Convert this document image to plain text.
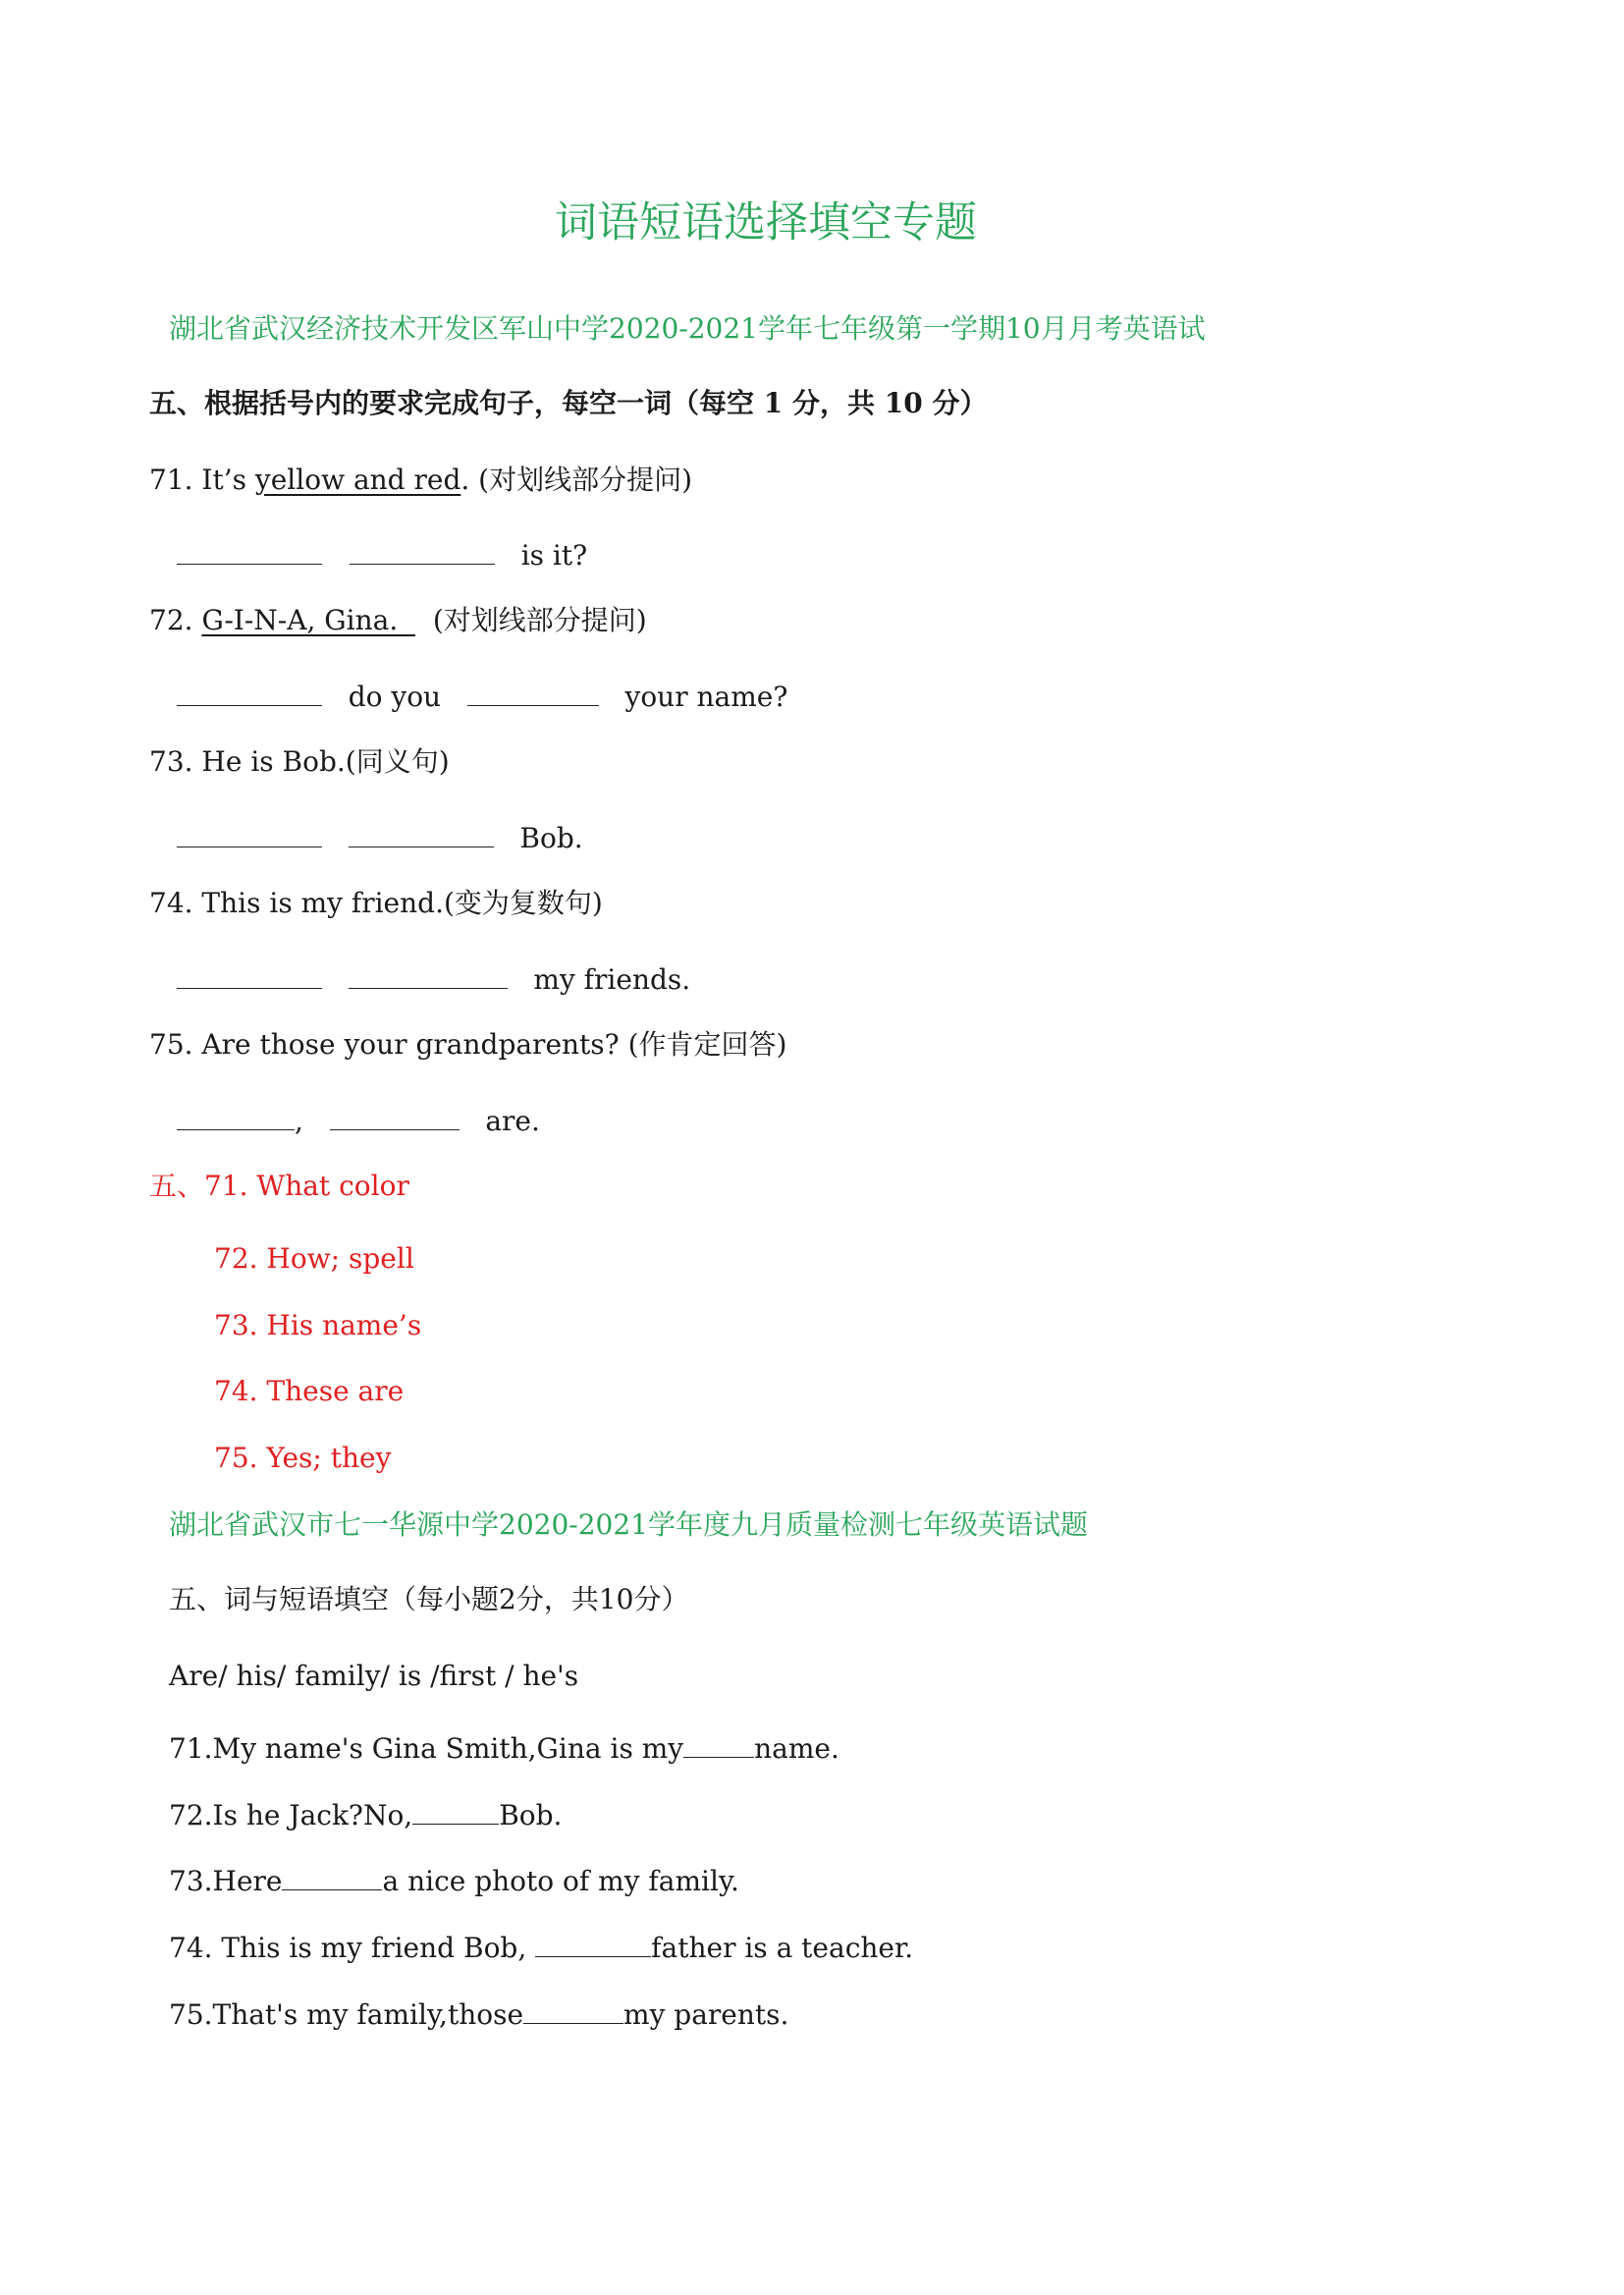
词语短语选择填空专题
湖北省武汉经济技术开发区军山中学2020-2021学年七年级第一学期10月月考英语试
五、根据括号内的要求完成句子，每空一词（每空 1 分，共 10 分）
71. It’s yellow and red. (对划线部分提问)
is it?
72. G-I-N-A, Gina.    (对划线部分提问)
do you	your name?
73. He is Bob.(同义句)
Bob.
74. This is my friend.(变为复数句)
my friends.
75. Are those your grandparents? (作肯定回答)
,	are.
五、71. What color
72. How; spell
73. His name’s
74. These are
75. Yes; they
湖北省武汉市七一华源中学2020-2021学年度九月质量检测七年级英语试题
五、词与短语填空（每小题2分，共10分）
Are/ his/ family/ is /first / he's
71.My name's Gina Smith,Gina is my	name.
72.Is he Jack?No,	Bob.
73.Here	a nice photo of my family.
74. This is my friend Bob,	father is a teacher.
75.That's my family,those	my parents.
